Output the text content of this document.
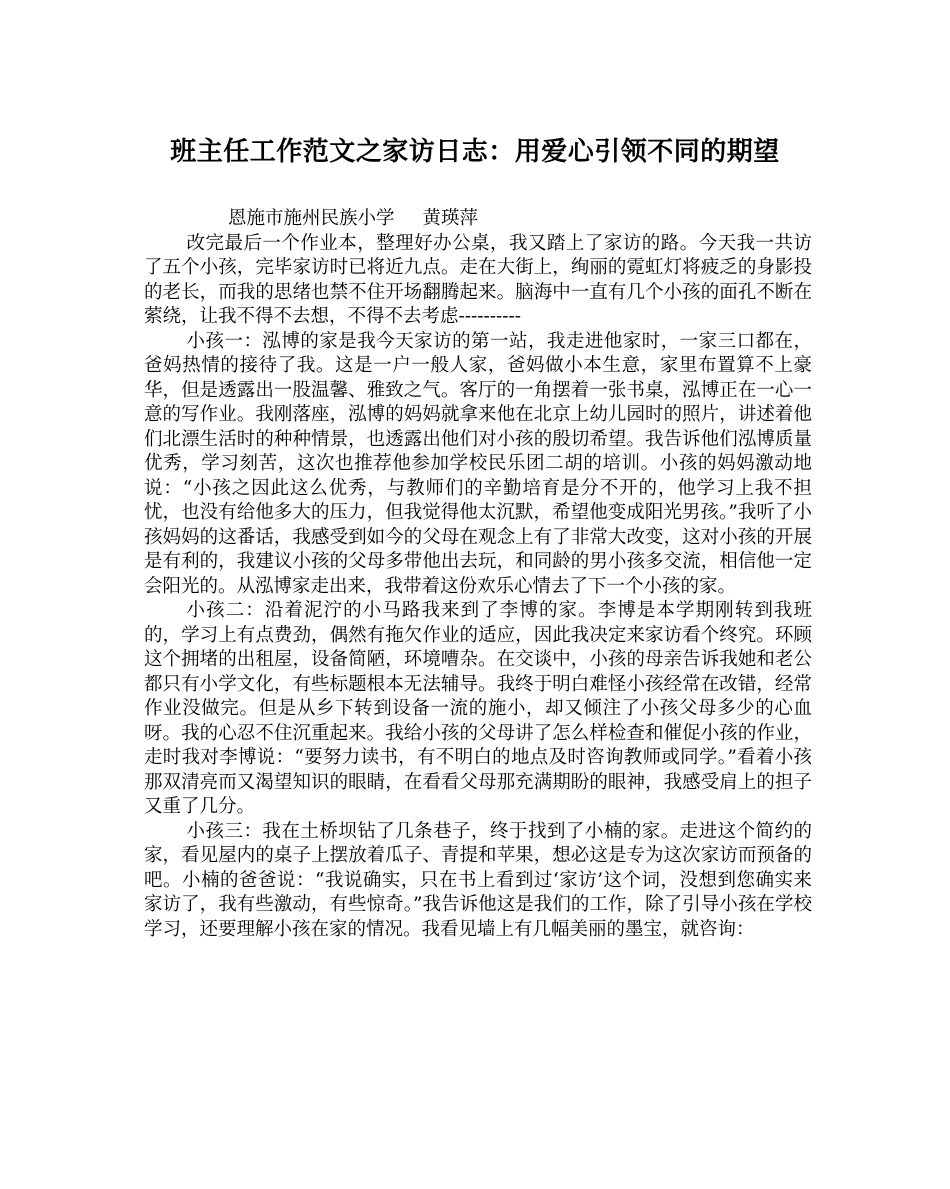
班主任工作范文之家访日志：用爱心引领不同的期望
恩施市施州民族小学 黄瑛萍

改完最后一个作业本，整理好办公桌，我又踏上了家访的路。今天我一共访了五个小孩，完毕家访时已将近九点。走在大街上，绚丽的霓虹灯将疲乏的身影投的老长，而我的思绪也禁不住开场翻腾起来。脑海中一直有几个小孩的面孔不断在萦绕，让我不得不去想，不得不去考虑----------

小孩一：泓博的家是我今天家访的第一站，我走进他家时，一家三口都在，爸妈热情的接待了我。这是一户一般人家，爸妈做小本生意，家里布置算不上豪华，但是透露出一股温馨、雅致之气。客厅的一角摆着一张书桌，泓博正在一心一意的写作业。我刚落座，泓博的妈妈就拿来他在北京上幼儿园时的照片，讲述着他们北漂生活时的种种情景，也透露出他们对小孩的殷切希望。我告诉他们泓博质量优秀，学习刻苦，这次也推荐他参加学校民乐团二胡的培训。小孩的妈妈激动地说：“小孩之因此这么优秀，与教师们的辛勤培育是分不开的，他学习上我不担忧，也没有给他多大的压力，但我觉得他太沉默，希望他变成阳光男孩。”我听了小孩妈妈的这番话，我感受到如今的父母在观念上有了非常大改变，这对小孩的开展是有利的，我建议小孩的父母多带他出去玩，和同龄的男小孩多交流，相信他一定会阳光的。从泓博家走出来，我带着这份欢乐心情去了下一个小孩的家。

小孩二：沿着泥泞的小马路我来到了李博的家。李博是本学期刚转到我班的，学习上有点费劲，偶然有拖欠作业的适应，因此我决定来家访看个终究。环顾这个拥堵的出租屋，设备简陋，环境嘈杂。在交谈中，小孩的母亲告诉我她和老公都只有小学文化，有些标题根本无法辅导。我终于明白难怪小孩经常在改错，经常作业没做完。但是从乡下转到设备一流的施小，却又倾注了小孩父母多少的心血呀。我的心忍不住沉重起来。我给小孩的父母讲了怎么样检查和催促小孩的作业，走时我对李博说：“要努力读书，有不明白的地点及时咨询教师或同学。”看着小孩那双清亮而又渴望知识的眼睛，在看看父母那充满期盼的眼神，我感受肩上的担子又重了几分。

小孩三：我在土桥坝钻了几条巷子，终于找到了小楠的家。走进这个简约的家，看见屋内的桌子上摆放着瓜子、青提和苹果，想必这是专为这次家访而预备的吧。小楠的爸爸说：“我说确实，只在书上看到过‘家访’这个词，没想到您确实来家访了，我有些激动，有些惊奇。”我告诉他这是我们的工作，除了引导小孩在学校学习，还要理解小孩在家的情况。我看见墙上有几幅美丽的墨宝，就咨询：
